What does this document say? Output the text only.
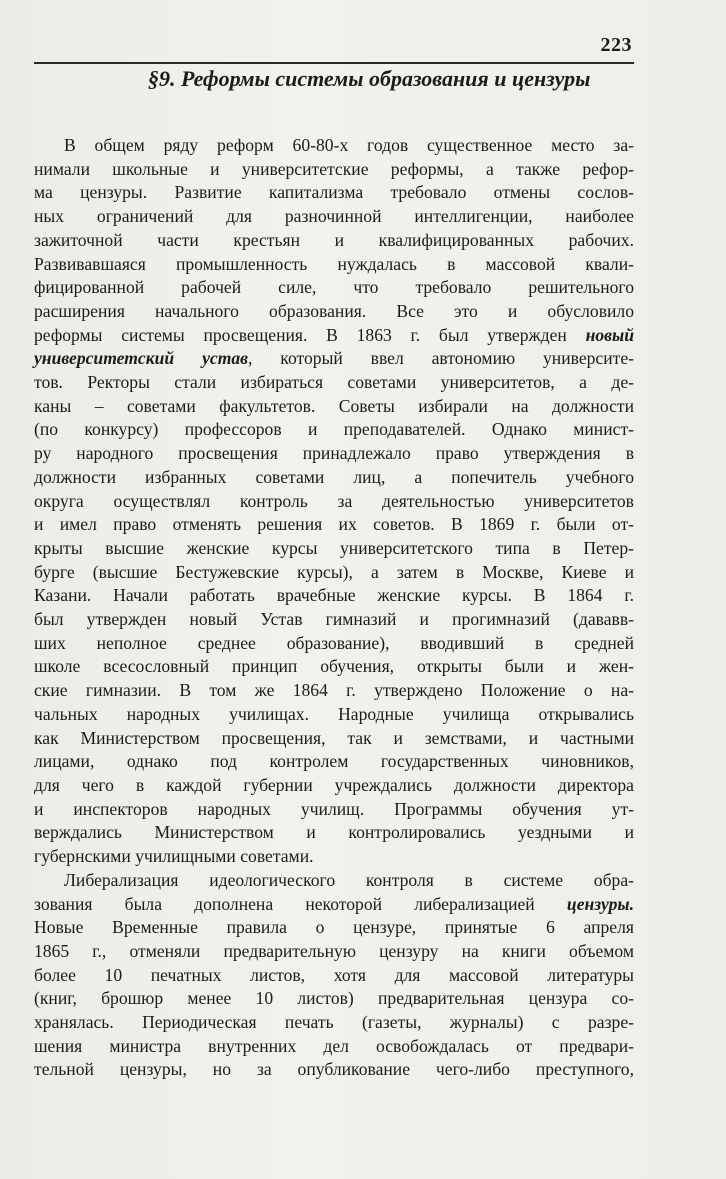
223
§9. Реформы системы образования и цензуры
В общем ряду реформ 60-80-х годов существенное место за-
нимали школьные и университетские реформы, а также рефор-
ма цензуры. Развитие капитализма требовало отмены сослов-
ных ограничений для разночинной интеллигенции, наиболее
зажиточной части крестьян и квалифицированных рабочих.
Развивавшаяся промышленность нуждалась в массовой квали-
фицированной рабочей силе, что требовало решительного
расширения начального образования. Все это и обусловило
реформы системы просвещения. В 1863 г. был утвержден новый
университетский устав, который ввел автономию университе-
тов. Ректоры стали избираться советами университетов, а де-
каны – советами факультетов. Советы избирали на должности
(по конкурсу) профессоров и преподавателей. Однако минист-
ру народного просвещения принадлежало право утверждения в
должности избранных советами лиц, а попечитель учебного
округа осуществлял контроль за деятельностью университетов
и имел право отменять решения их советов. В 1869 г. были от-
крыты высшие женские курсы университетского типа в Петер-
бурге (высшие Бестужевские курсы), а затем в Москве, Киеве и
Казани. Начали работать врачебные женские курсы. В 1864 г.
был утвержден новый Устав гимназий и прогимназий (дававв-
ших неполное среднее образование), вводивший в средней
школе всесословный принцип обучения, открыты были и жен-
ские гимназии. В том же 1864 г. утверждено Положение о на-
чальных народных училищах. Народные училища открывались
как Министерством просвещения, так и земствами, и частными
лицами, однако под контролем государственных чиновников,
для чего в каждой губернии учреждались должности директора
и инспекторов народных училищ. Программы обучения ут-
верждались Министерством и контролировались уездными и
губернскими училищными советами.
Либерализация идеологического контроля в системе обра-
зования была дополнена некоторой либерализацией цензуры.
Новые Временные правила о цензуре, принятые 6 апреля
1865 г., отменяли предварительную цензуру на книги объемом
более 10 печатных листов, хотя для массовой литературы
(книг, брошюр менее 10 листов) предварительная цензура со-
хранялась. Периодическая печать (газеты, журналы) с разре-
шения министра внутренних дел освобождалась от предвари-
тельной цензуры, но за опубликование чего-либо преступного,
